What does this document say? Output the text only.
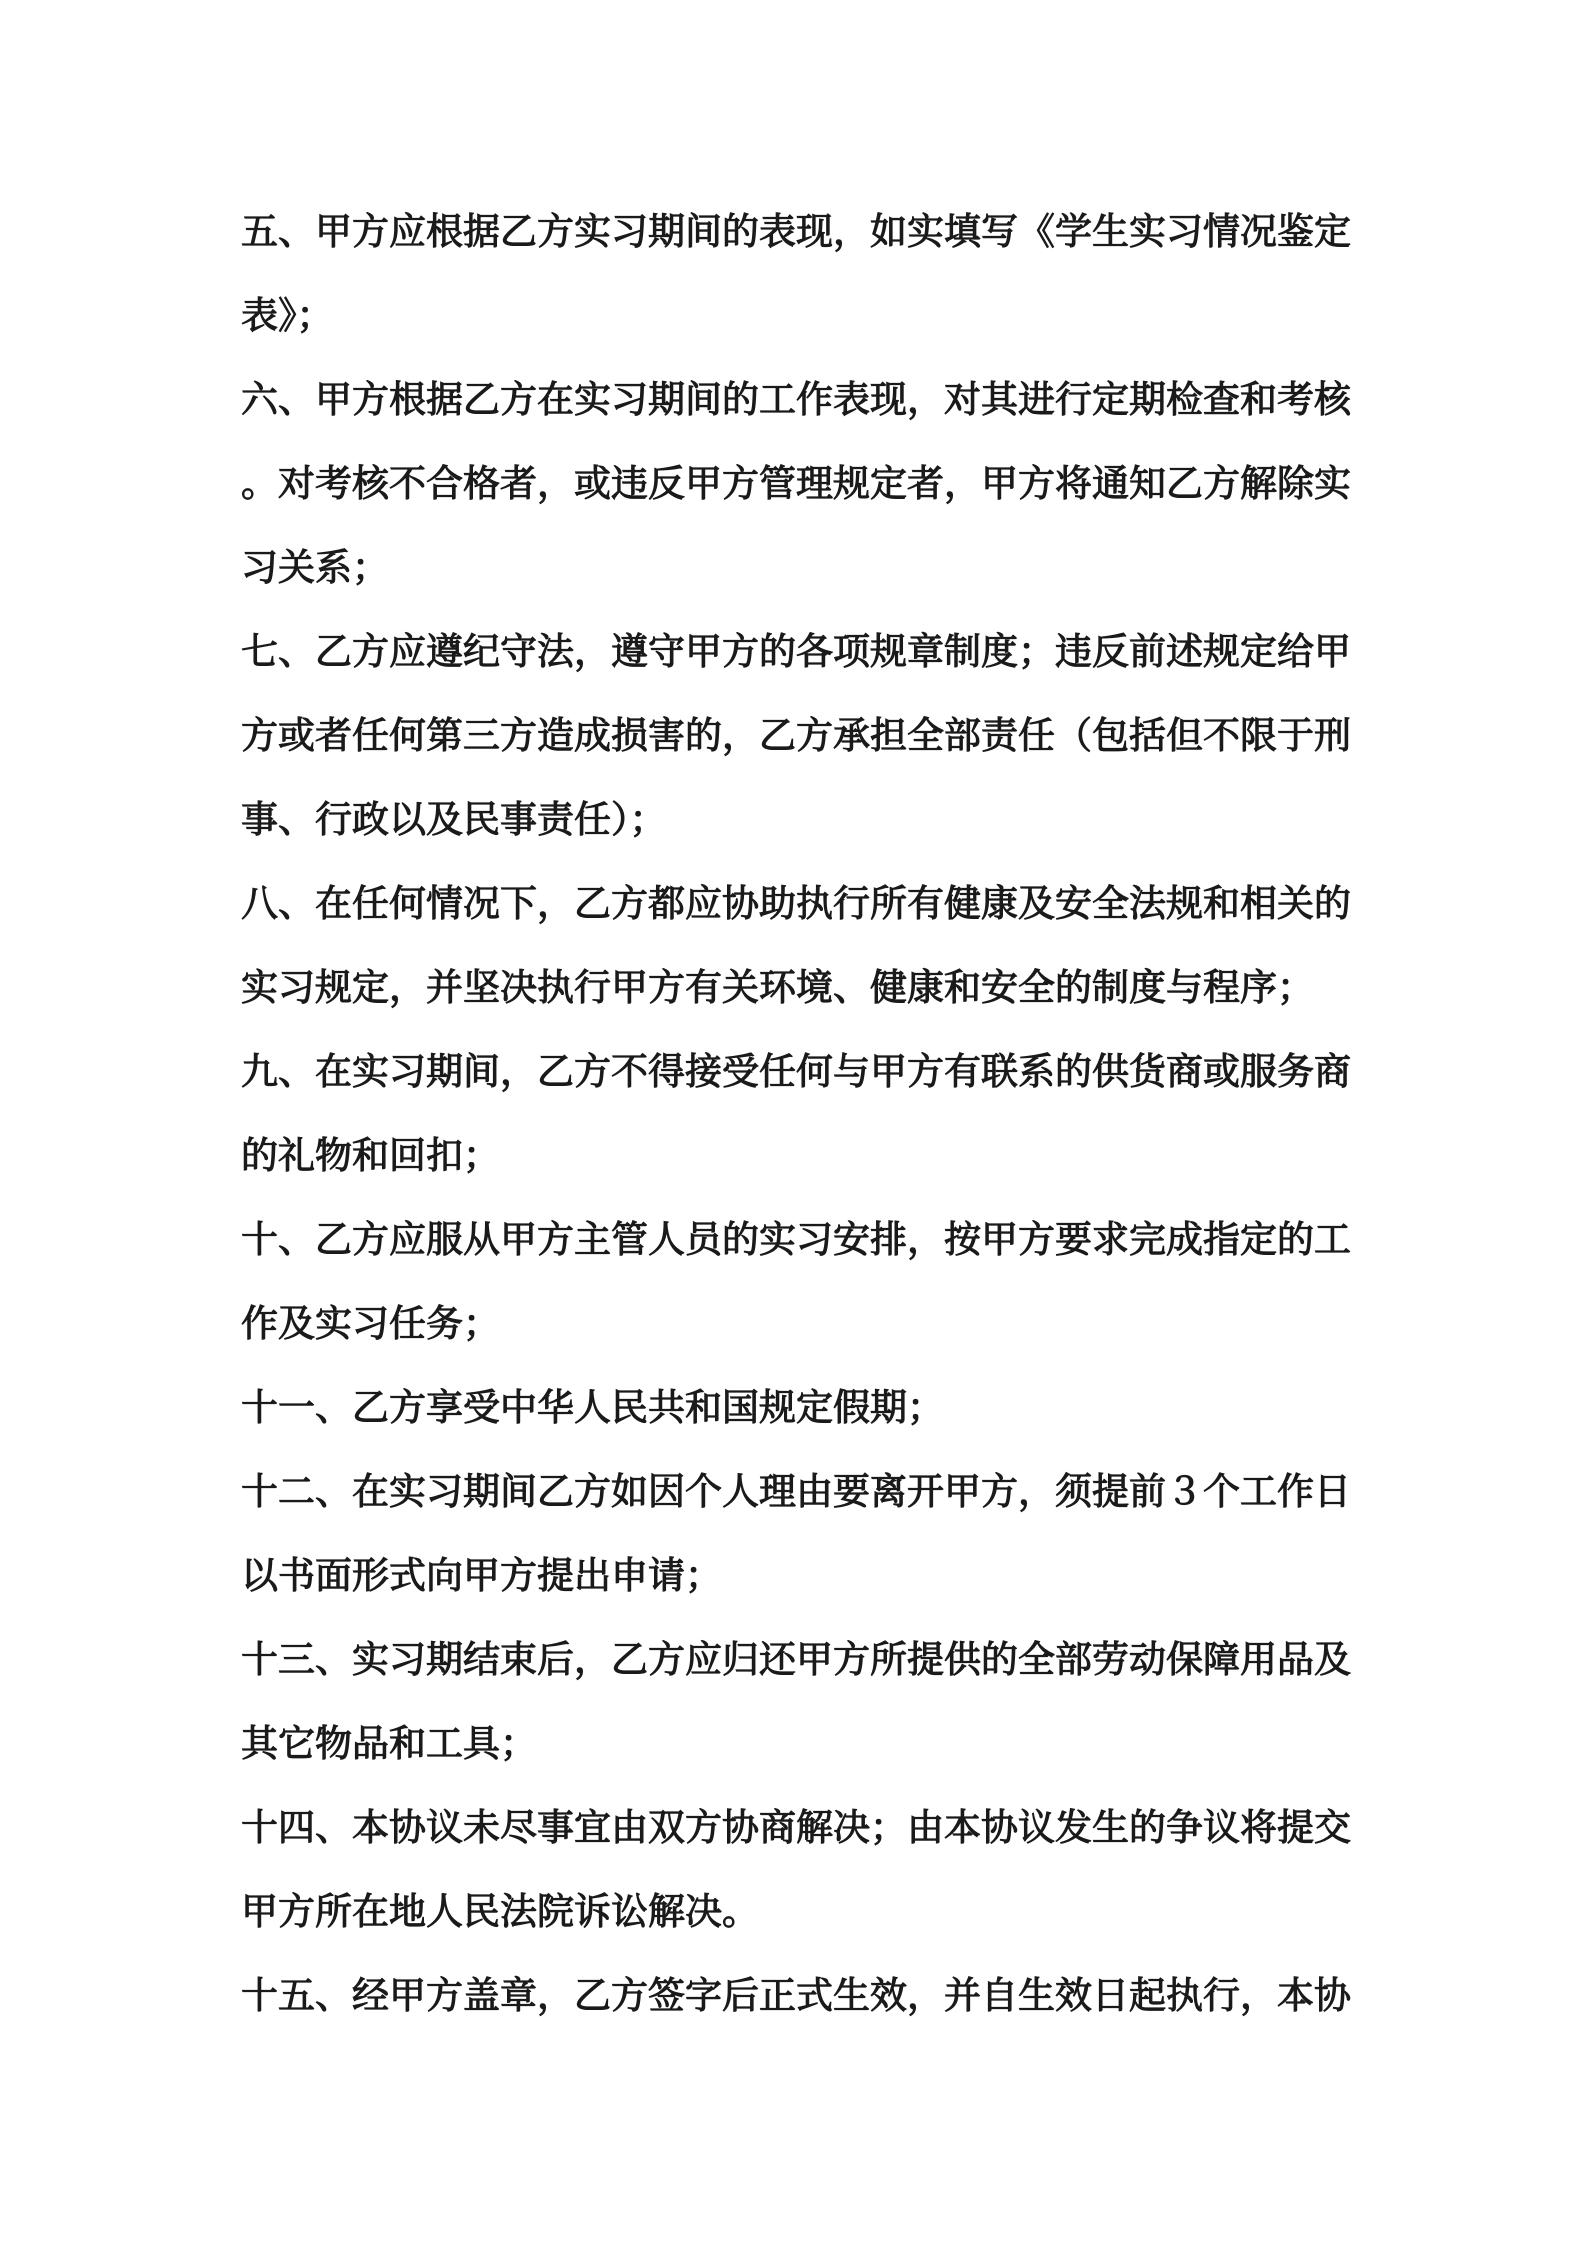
五、甲方应根据乙方实习期间的表现，如实填写《学生实习情况鉴定
表》；
六、甲方根据乙方在实习期间的工作表现，对其进行定期检查和考核
。对考核不合格者，或违反甲方管理规定者，甲方将通知乙方解除实
习关系；
七、乙方应遵纪守法，遵守甲方的各项规章制度；违反前述规定给甲
方或者任何第三方造成损害的，乙方承担全部责任（包括但不限于刑
事、行政以及民事责任）；
八、在任何情况下，乙方都应协助执行所有健康及安全法规和相关的
实习规定，并坚决执行甲方有关环境、健康和安全的制度与程序；
九、在实习期间，乙方不得接受任何与甲方有联系的供货商或服务商
的礼物和回扣；
十、乙方应服从甲方主管人员的实习安排，按甲方要求完成指定的工
作及实习任务；
十一、乙方享受中华人民共和国规定假期；
十二、在实习期间乙方如因个人理由要离开甲方，须提前３个工作日
以书面形式向甲方提出申请；
十三、实习期结束后，乙方应归还甲方所提供的全部劳动保障用品及
其它物品和工具；
十四、本协议未尽事宜由双方协商解决；由本协议发生的争议将提交
甲方所在地人民法院诉讼解决。
十五、经甲方盖章，乙方签字后正式生效，并自生效日起执行，本协
